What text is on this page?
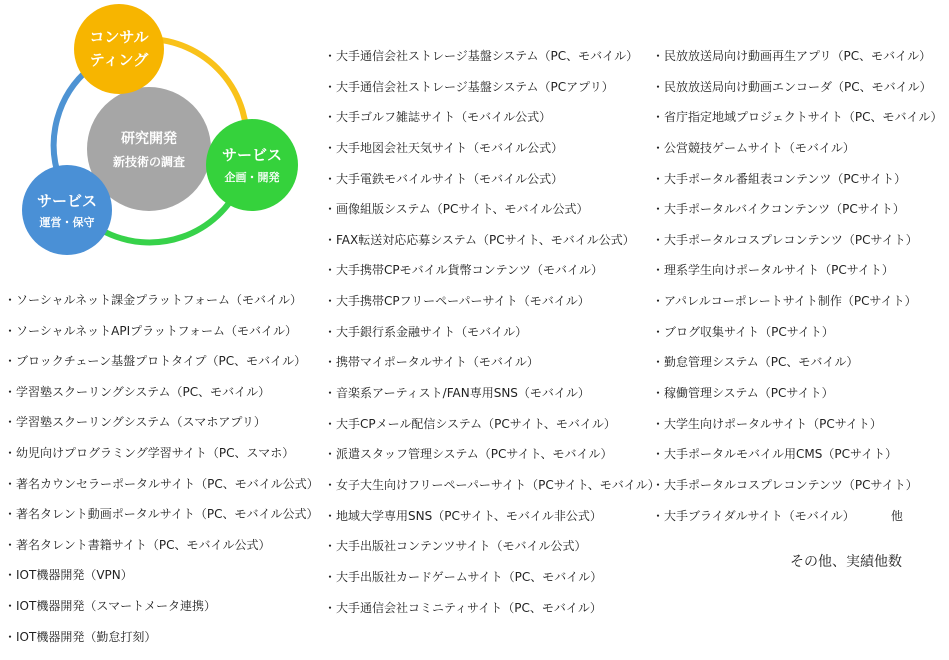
研究開発
新技術の調査
コンサル
ティング
サービス
企画・開発
サービス
運営・保守
・ソーシャルネット課金プラットフォーム（モバイル）
・ソーシャルネットAPIプラットフォーム（モバイル）
・ブロックチェーン基盤プロトタイプ（PC、モバイル）
・学習塾スクーリングシステム（PC、モバイル）
・学習塾スクーリングシステム（スマホアプリ）
・幼児向けプログラミング学習サイト（PC、スマホ）
・著名カウンセラーポータルサイト（PC、モバイル公式）
・著名タレント動画ポータルサイト（PC、モバイル公式）
・著名タレント書籍サイト（PC、モバイル公式）
・IOT機器開発（VPN）
・IOT機器開発（スマートメータ連携）
・IOT機器開発（勤怠打刻）
・大手通信会社ストレージ基盤システム（PC、モバイル）
・大手通信会社ストレージ基盤システム（PCアプリ）
・大手ゴルフ雑誌サイト（モバイル公式）
・大手地図会社天気サイト（モバイル公式）
・大手電鉄モバイルサイト（モバイル公式）
・画像組版システム（PCサイト、モバイル公式）
・FAX転送対応応募システム（PCサイト、モバイル公式）
・大手携帯CPモバイル貨幣コンテンツ（モバイル）
・大手携帯CPフリーペーパーサイト（モバイル）
・大手銀行系金融サイト（モバイル）
・携帯マイポータルサイト（モバイル）
・音楽系アーティスト/FAN専用SNS（モバイル）
・大手CPメール配信システム（PCサイト、モバイル）
・派遣スタッフ管理システム（PCサイト、モバイル）
・女子大生向けフリーペーパーサイト（PCサイト、モバイル）
・地域大学専用SNS（PCサイト、モバイル非公式）
・大手出版社コンテンツサイト（モバイル公式）
・大手出版社カードゲームサイト（PC、モバイル）
・大手通信会社コミニティサイト（PC、モバイル）
・民放放送局向け動画再生アプリ（PC、モバイル）
・民放放送局向け動画エンコーダ（PC、モバイル）
・省庁指定地域プロジェクトサイト（PC、モバイル）
・公営競技ゲームサイト（モバイル）
・大手ポータル番組表コンテンツ（PCサイト）
・大手ポータルバイクコンテンツ（PCサイト）
・大手ポータルコスプレコンテンツ（PCサイト）
・理系学生向けポータルサイト（PCサイト）
・アパレルコーポレートサイト制作（PCサイト）
・ブログ収集サイト（PCサイト）
・勤怠管理システム（PC、モバイル）
・稼働管理システム（PCサイト）
・大学生向けポータルサイト（PCサイト）
・大手ポータルモバイル用CMS（PCサイト）
・大手ポータルコスプレコンテンツ（PCサイト）
・大手ブライダルサイト（モバイル）	他
その他、実績他数
